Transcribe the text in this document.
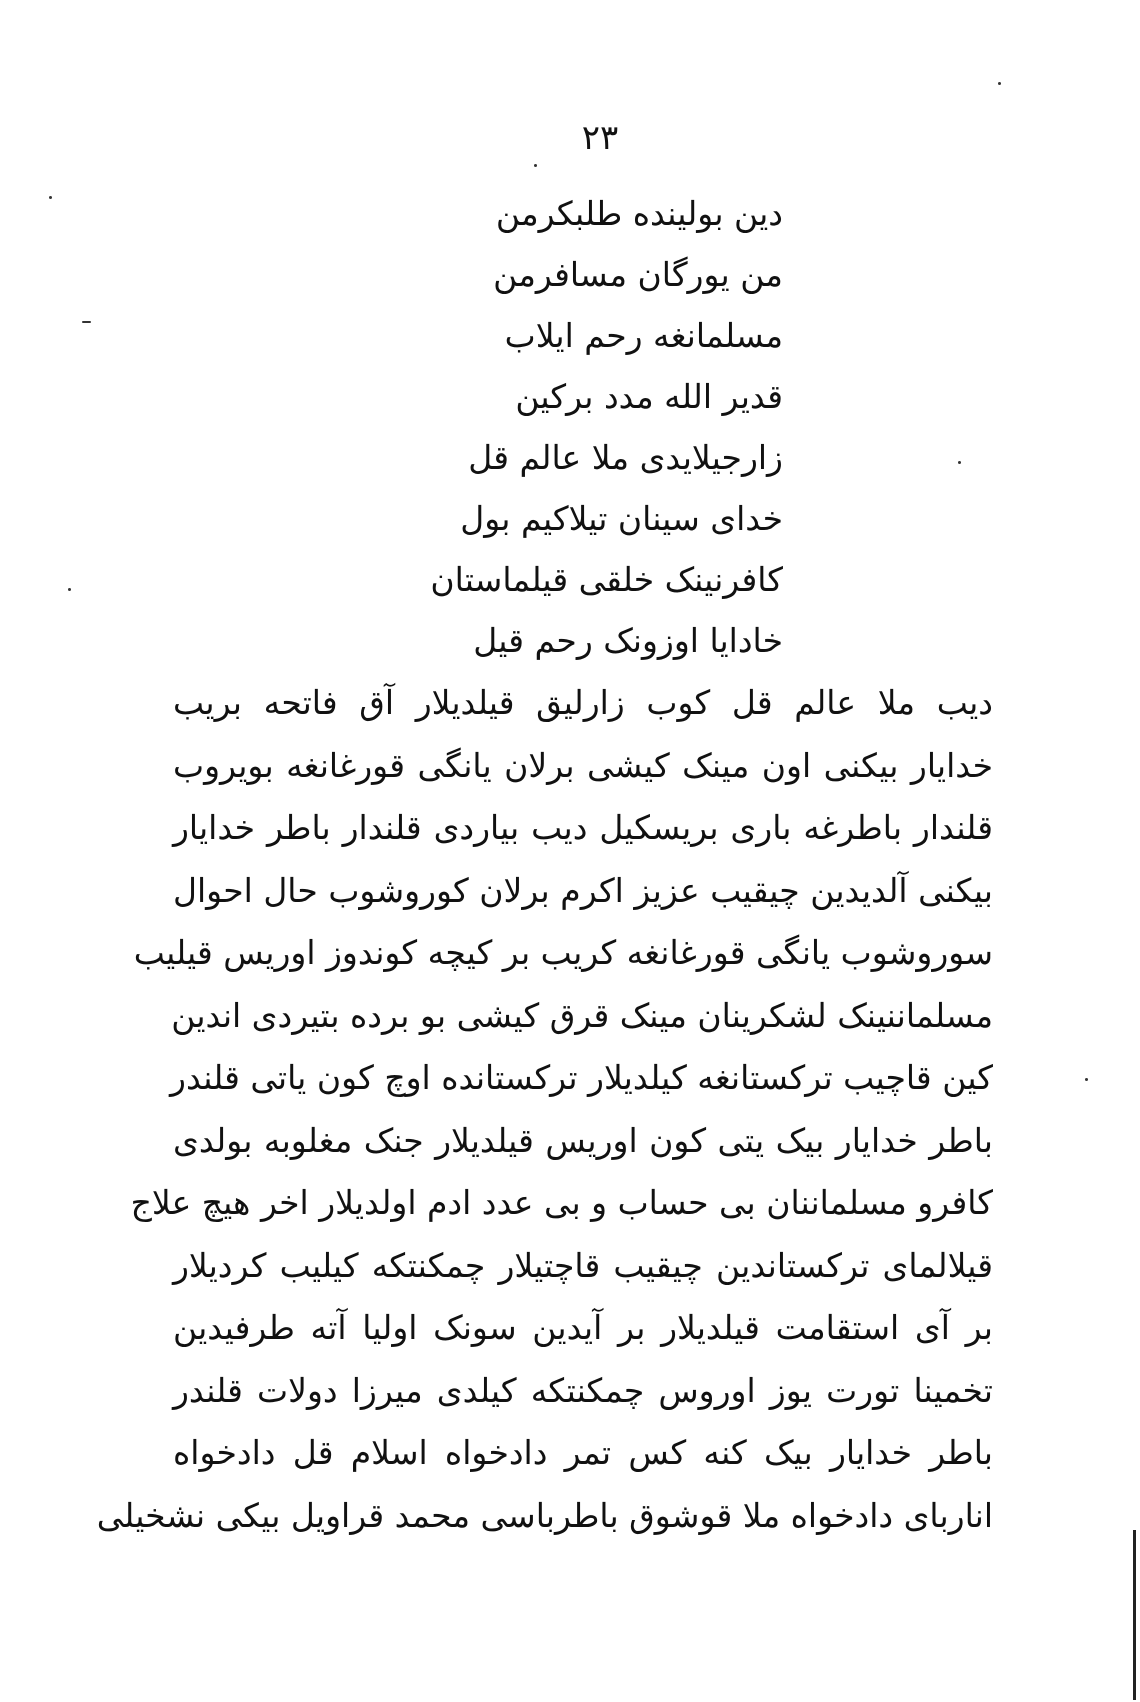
۲۳
دین بولینده طلبکرمن
من یورگان مسافرمن
مسلمانغه رحم ایلاب
قدیر الله مدد برکین
زارجیلایدی ملا عالم قل
خدای سینان تیلاکیم بول
کافرنینک خلقی قیلماستان
خادایا اوزونک رحم قیل
دیب ملا عالم قل کوب زارلیق قیلدیلار آق فاتحه بریب
خدایار بیکنی اون مینک کیشی برلان یانگی قورغانغه بویروب
قلندار باطرغه باری بریسکیل دیب بیاردی قلندار باطر خدایار
بیکنی آلدیدین چیقیب عزیز اکرم برلان کوروشوب حال احوال
سوروشوب یانگی قورغانغه کریب بر کیچه کوندوز اوریس قیلیب
مسلماننینک لشکرینان مینک قرق کیشی بو برده بتیردی اندین
کین قاچیب ترکستانغه کیلدیلار ترکستانده اوچ کون یاتی قلندر
باطر خدایار بیک یتی کون اوریس قیلدیلار جنک مغلوبه بولدی
کافرو مسلماننان بی حساب و بی عدد ادم اولدیلار اخر هیچ علاج
قیلالمای ترکستاندین چیقیب قاچتیلار چمکنتکه کیلیب کردیلار
بر آی استقامت قیلدیلار بر آیدین سونک اولیا آته طرفیدین
تخمینا تورت یوز اوروس چمکنتکه کیلدی میرزا دولات قلندر
باطر خدایار بیک کنه کس تمر دادخواه اسلام قل دادخواه
اناربای دادخواه ملا قوشوق باطرباسی محمد قراویل بیکی نشخیلی
